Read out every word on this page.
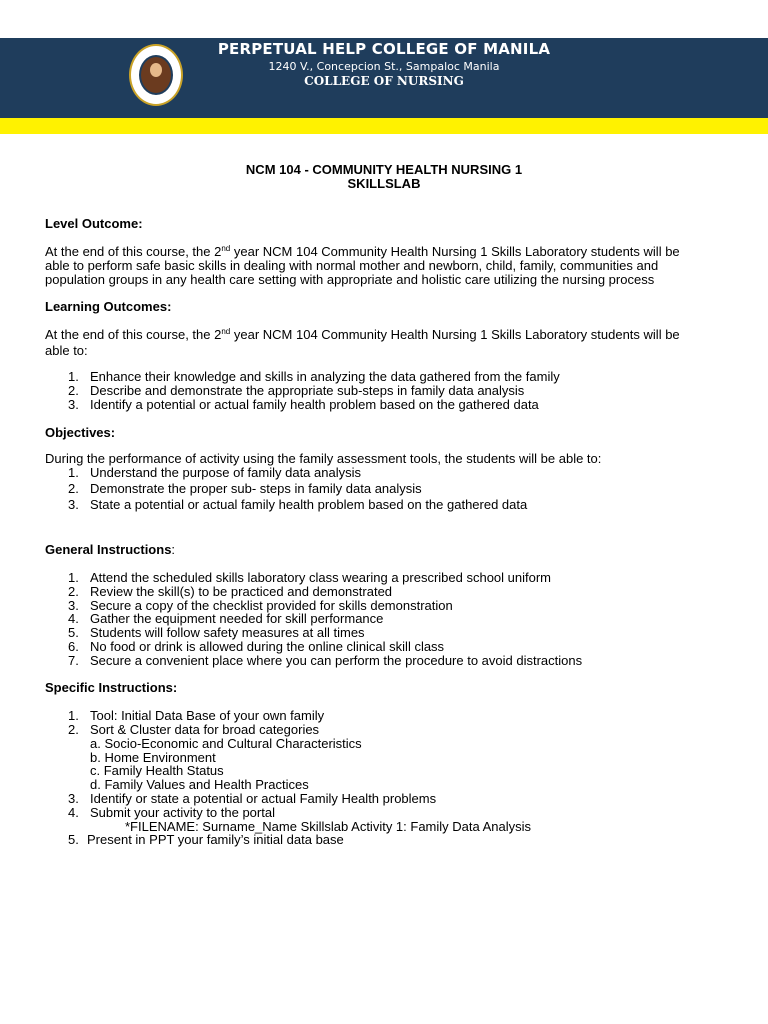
PERPETUAL HELP COLLEGE OF MANILA
1240 V., Concepcion St., Sampaloc Manila
COLLEGE OF NURSING
NCM 104 - COMMUNITY HEALTH NURSING 1
SKILLSLAB
Level Outcome:
At the end of this course, the 2nd year NCM 104 Community Health Nursing 1 Skills Laboratory students will be
able to perform safe basic skills in dealing with normal mother and newborn, child, family, communities and
population groups in any health care setting with appropriate and holistic care utilizing the nursing process
Learning Outcomes:
At the end of this course, the 2nd year NCM 104 Community Health Nursing 1 Skills Laboratory students will be
able to:
1. Enhance their knowledge and skills in analyzing the data gathered from the family
2. Describe and demonstrate the appropriate sub-steps in family data analysis
3. Identify a potential or actual family health problem based on the gathered data
Objectives:
During the performance of activity using the family assessment tools, the students will be able to:
1. Understand the purpose of family data analysis
2. Demonstrate the proper sub- steps in family data analysis
3. State a potential or actual family health problem based on the gathered data
General Instructions:
1. Attend the scheduled skills laboratory class wearing a prescribed school uniform
2. Review the skill(s) to be practiced and demonstrated
3. Secure a copy of the checklist provided for skills demonstration
4. Gather the equipment needed for skill performance
5. Students will follow safety measures at all times
6. No food or drink is allowed during the online clinical skill class
7. Secure a convenient place where you can perform the procedure to avoid distractions
Specific Instructions:
1. Tool: Initial Data Base of your own family
2. Sort & Cluster data for broad categories
a. Socio-Economic and Cultural Characteristics
b. Home Environment
c. Family Health Status
d. Family Values and Health Practices
3. Identify or state a potential or actual Family Health problems
4. Submit your activity to the portal
*FILENAME: Surname_Name Skillslab Activity 1: Family Data Analysis
5. Present in PPT your family’s initial data base
